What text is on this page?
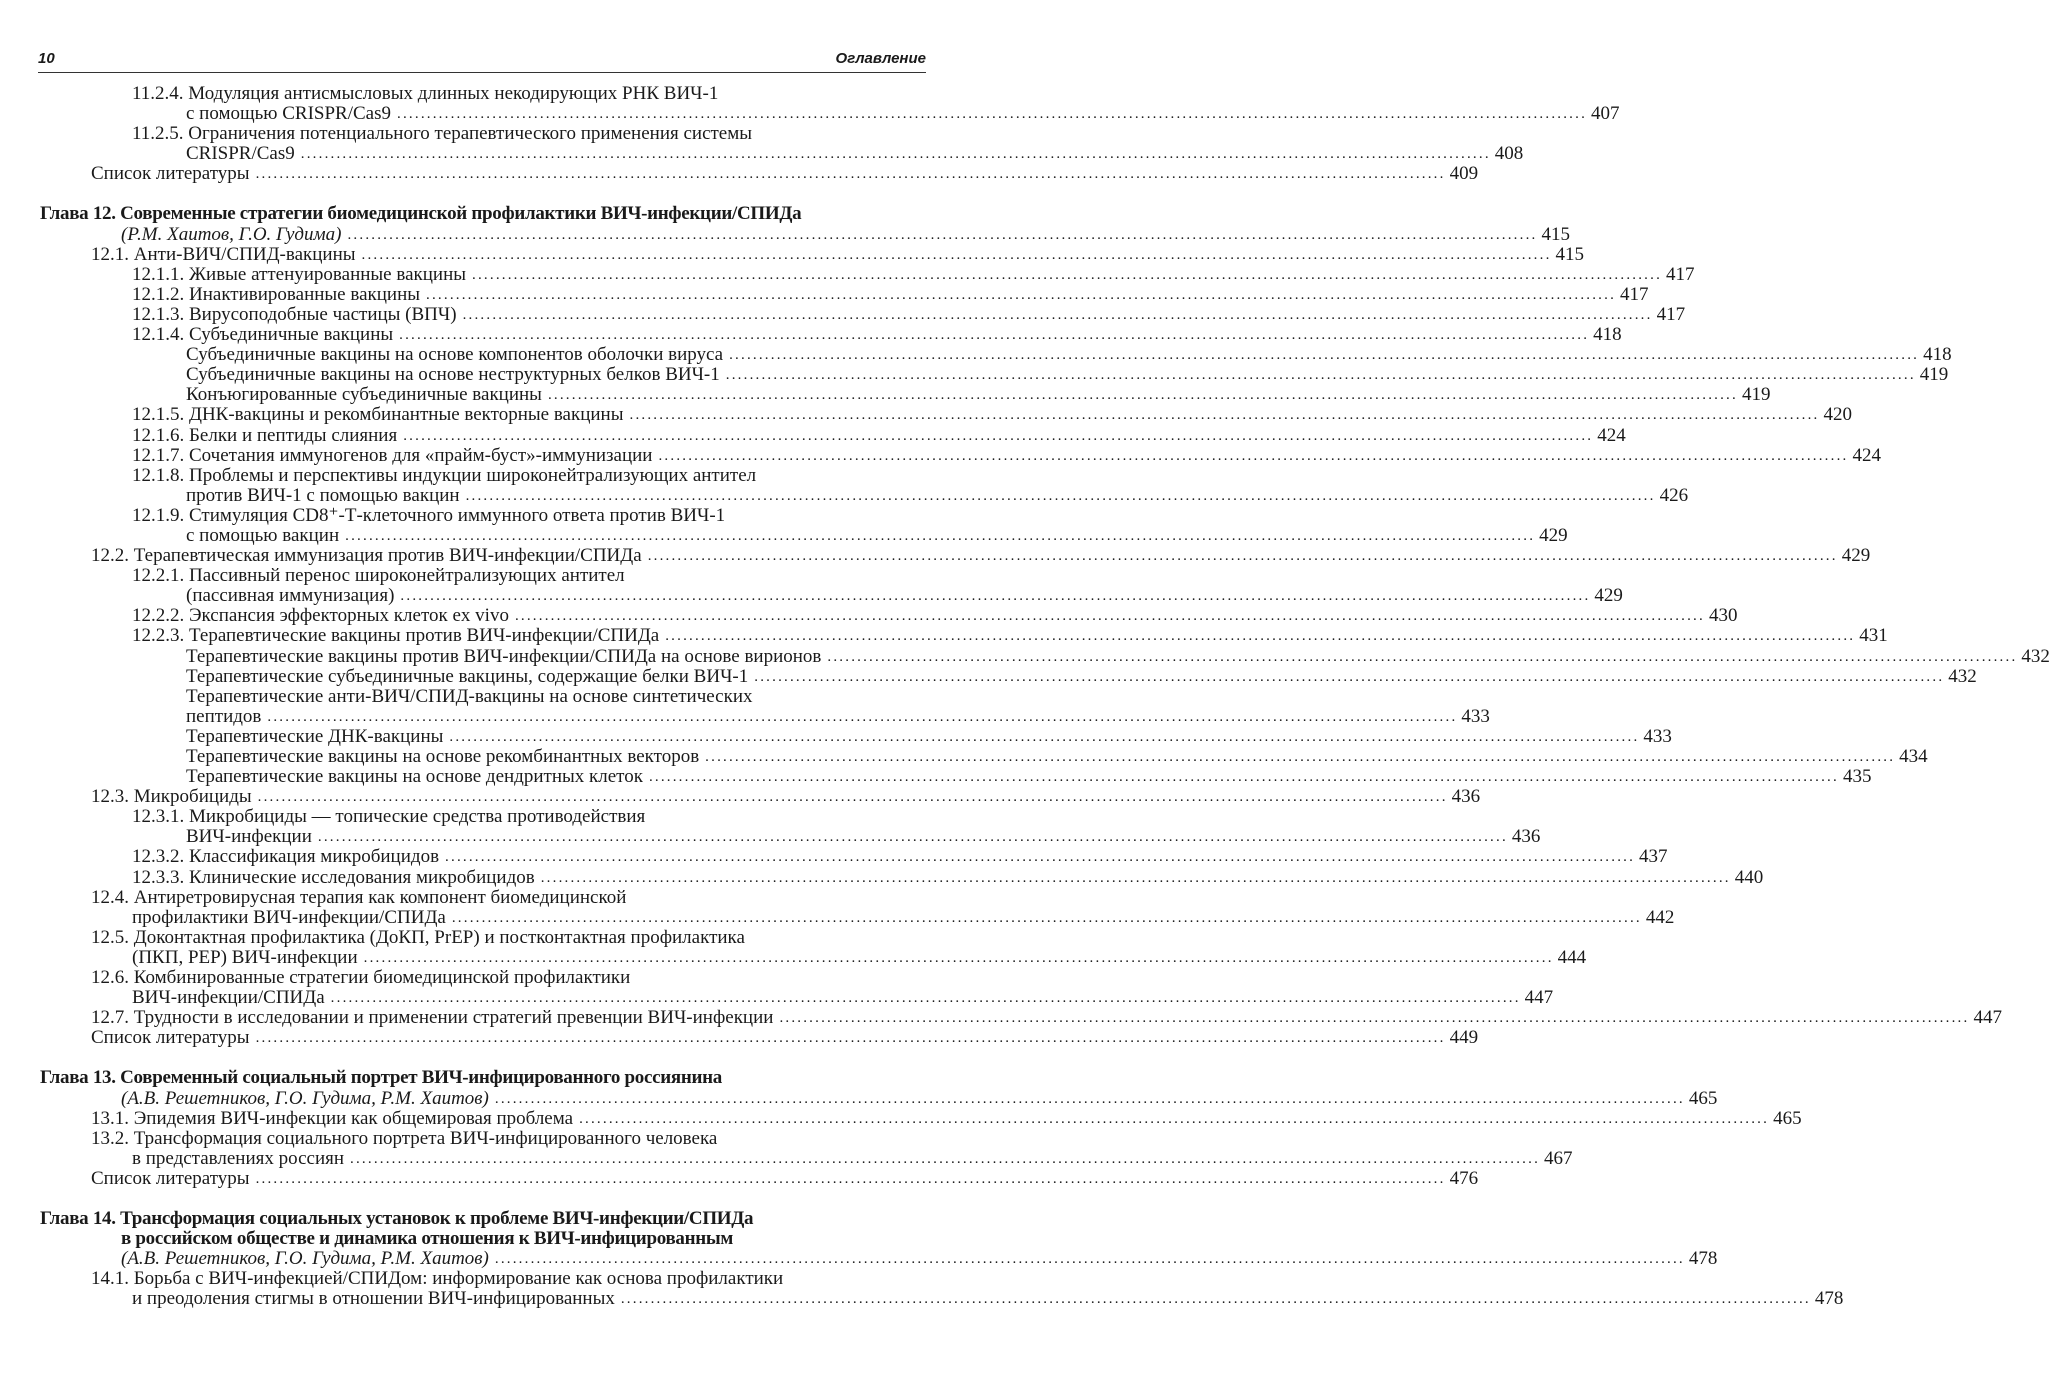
10	Оглавление
11.2.4. Модуляция антисмысловых длинных некодирующих РНК ВИЧ-1
с помощью CRISPR/Cas9 ........................................................................................................................................................................................................ 407
11.2.5. Ограничения потенциального терапевтического применения системы
CRISPR/Cas9 ........................................................................................................................................................................................................ 408
Список литературы ........................................................................................................................................................................................................ 409
Глава 12. Современные стратегии биомедицинской профилактики ВИЧ-инфекции/СПИДа
(Р.М. Хаитов, Г.О. Гудима) ........................................................................................................................................................................................................ 415
12.1. Анти-ВИЧ/СПИД-вакцины ........................................................................................................................................................................................................ 415
12.1.1. Живые аттенуированные вакцины ........................................................................................................................................................................................................ 417
12.1.2. Инактивированные вакцины ........................................................................................................................................................................................................ 417
12.1.3. Вирусоподобные частицы (ВПЧ) ........................................................................................................................................................................................................ 417
12.1.4. Субъединичные вакцины ........................................................................................................................................................................................................ 418
Субъединичные вакцины на основе компонентов оболочки вируса ........................................................................................................................................................................................................ 418
Субъединичные вакцины на основе неструктурных белков ВИЧ-1 ........................................................................................................................................................................................................ 419
Конъюгированные субъединичные вакцины ........................................................................................................................................................................................................ 419
12.1.5. ДНК-вакцины и рекомбинантные векторные вакцины ........................................................................................................................................................................................................ 420
12.1.6. Белки и пептиды слияния ........................................................................................................................................................................................................ 424
12.1.7. Сочетания иммуногенов для «прайм-буст»-иммунизации ........................................................................................................................................................................................................ 424
12.1.8. Проблемы и перспективы индукции широконейтрализующих антител
против ВИЧ-1 с помощью вакцин ........................................................................................................................................................................................................ 426
12.1.9. Стимуляция CD8⁺-Т-клеточного иммунного ответа против ВИЧ-1
с помощью вакцин ........................................................................................................................................................................................................ 429
12.2. Терапевтическая иммунизация против ВИЧ-инфекции/СПИДа ........................................................................................................................................................................................................ 429
12.2.1. Пассивный перенос широконейтрализующих антител
(пассивная иммунизация) ........................................................................................................................................................................................................ 429
12.2.2. Экспансия эффекторных клеток ex vivo ........................................................................................................................................................................................................ 430
12.2.3. Терапевтические вакцины против ВИЧ-инфекции/СПИДа ........................................................................................................................................................................................................ 431
Терапевтические вакцины против ВИЧ-инфекции/СПИДа на основе вирионов ........................................................................................................................................................................................................ 432
Терапевтические субъединичные вакцины, содержащие белки ВИЧ-1 ........................................................................................................................................................................................................ 432
Терапевтические анти-ВИЧ/СПИД-вакцины на основе синтетических
пептидов ........................................................................................................................................................................................................ 433
Терапевтические ДНК-вакцины ........................................................................................................................................................................................................ 433
Терапевтические вакцины на основе рекомбинантных векторов ........................................................................................................................................................................................................ 434
Терапевтические вакцины на основе дендритных клеток ........................................................................................................................................................................................................ 435
12.3. Микробициды ........................................................................................................................................................................................................ 436
12.3.1. Микробициды — топические средства противодействия
ВИЧ-инфекции ........................................................................................................................................................................................................ 436
12.3.2. Классификация микробицидов ........................................................................................................................................................................................................ 437
12.3.3. Клинические исследования микробицидов ........................................................................................................................................................................................................ 440
12.4. Антиретровирусная терапия как компонент биомедицинской
профилактики ВИЧ-инфекции/СПИДа ........................................................................................................................................................................................................ 442
12.5. Доконтактная профилактика (ДоКП, PrEP) и постконтактная профилактика
(ПКП, PEP) ВИЧ-инфекции ........................................................................................................................................................................................................ 444
12.6. Комбинированные стратегии биомедицинской профилактики
ВИЧ-инфекции/СПИДа ........................................................................................................................................................................................................ 447
12.7. Трудности в исследовании и применении стратегий превенции ВИЧ-инфекции ........................................................................................................................................................................................................ 447
Список литературы ........................................................................................................................................................................................................ 449
Глава 13. Современный социальный портрет ВИЧ-инфицированного россиянина
(А.В. Решетников, Г.О. Гудима, Р.М. Хаитов) ........................................................................................................................................................................................................ 465
13.1. Эпидемия ВИЧ-инфекции как общемировая проблема ........................................................................................................................................................................................................ 465
13.2. Трансформация социального портрета ВИЧ-инфицированного человека
в представлениях россиян ........................................................................................................................................................................................................ 467
Список литературы ........................................................................................................................................................................................................ 476
Глава 14. Трансформация социальных установок к проблеме ВИЧ-инфекции/СПИДа
в российском обществе и динамика отношения к ВИЧ-инфицированным
(А.В. Решетников, Г.О. Гудима, Р.М. Хаитов) ........................................................................................................................................................................................................ 478
14.1. Борьба с ВИЧ-инфекцией/СПИДом: информирование как основа профилактики
и преодоления стигмы в отношении ВИЧ-инфицированных ........................................................................................................................................................................................................ 478
